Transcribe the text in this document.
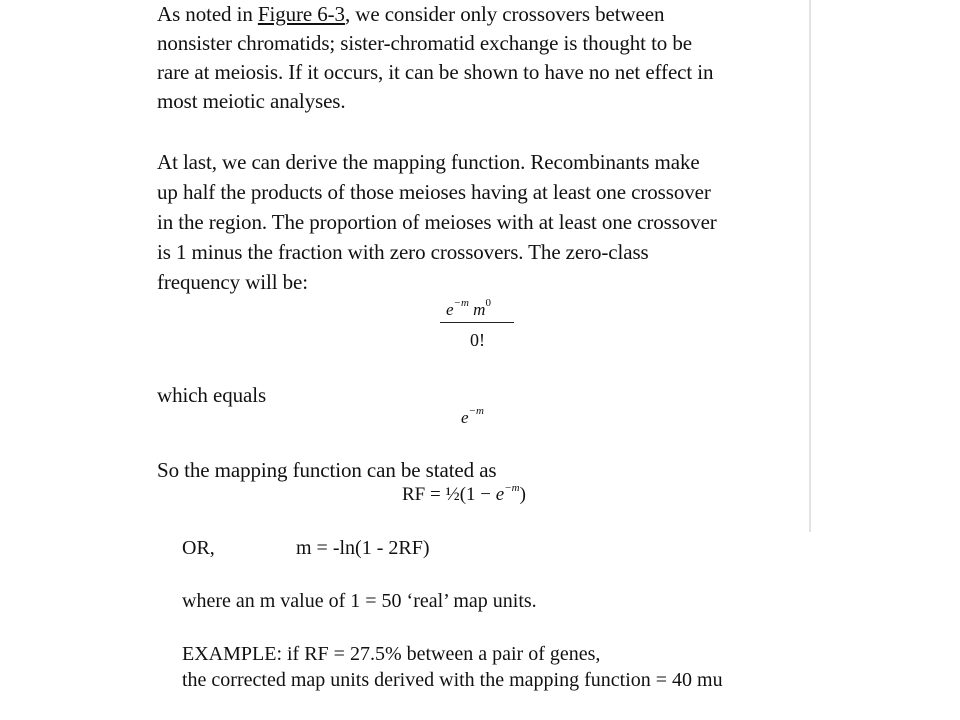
As noted in Figure 6-3, we consider only crossovers between
nonsister chromatids; sister-chromatid exchange is thought to be
rare at meiosis. If it occurs, it can be shown to have no net effect in
most meiotic analyses.
At last, we can derive the mapping function. Recombinants make
up half the products of those meioses having at least one crossover
in the region. The proportion of meioses with at least one crossover
is 1 minus the fraction with zero crossovers. The zero-class
frequency will be:
$e^{-m}$ $m^0$
0!
which equals
$e^{-m}$
So the mapping function can be stated as
RF = ½(1 − $e^{-m}$)
OR,	m = -ln(1 - 2RF)
where an m value of 1 = 50 ‘real’ map units.
EXAMPLE: if RF = 27.5% between a pair of genes,
the corrected map units derived with the mapping function = 40 mu
